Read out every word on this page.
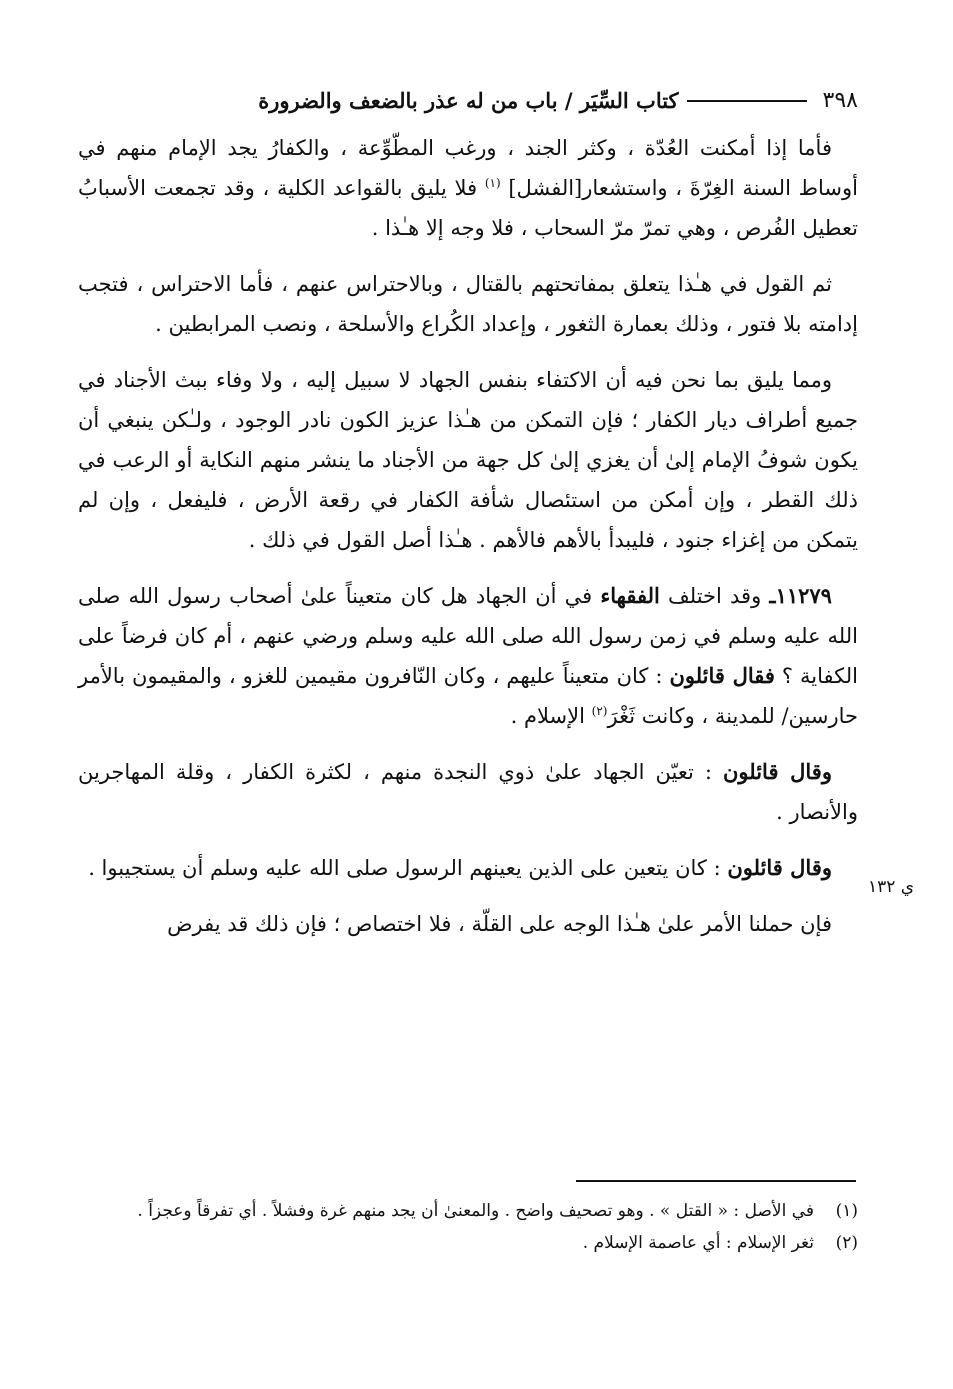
٣٩٨
كتاب السِّيَر / باب من له عذر بالضعف والضرورة

فأما إذا أمكنت العُدّة ، وكثر الجند ، ورغب المطّوِّعة ، والكفارُ يجد الإمام منهم في أوساط السنة الغِرّةَ ، واستشعار[الفشل] $^{(١)}$ فلا يليق بالقواعد الكلية ، وقد تجمعت الأسبابُ تعطيل الفُرص ، وهي تمرّ مرّ السحاب ، فلا وجه إلا هـٰذا .

ثم القول في هـٰذا يتعلق بمفاتحتهم بالقتال ، وبالاحتراس عنهم ، فأما الاحتراس ، فتجب إدامته بلا فتور ، وذلك بعمارة الثغور ، وإعداد الكُراع والأسلحة ، ونصب المرابطين .

ومما يليق بما نحن فيه أن الاكتفاء بنفس الجهاد لا سبيل إليه ، ولا وفاء ببث الأجناد في جميع أطراف ديار الكفار ؛ فإن التمكن من هـٰذا عزيز الكون نادر الوجود ، ولـٰكن ينبغي أن يكون شوفُ الإمام إلىٰ أن يغزي إلىٰ كل جهة من الأجناد ما ينشر منهم النكاية أو الرعب في ذلك القطر ، وإن أمكن من استئصال شأفة الكفار في رقعة الأرض ، فليفعل ، وإن لم يتمكن من إغزاء جنود ، فليبدأ بالأهم فالأهم . هـٰذا أصل القول في ذلك .

١١٢٧٩ـ وقد اختلف الفقهاء في أن الجهاد هل كان متعيناً علىٰ أصحاب رسول الله صلى الله عليه وسلم في زمن رسول الله صلى الله عليه وسلم ورضي عنهم ، أم كان فرضاً على الكفاية ؟ فقال قائلون : كان متعيناً عليهم ، وكان النّافرون مقيمين للغزو ، والمقيمون بالأمر حارسين/ للمدينة ، وكانت ثَغْرَ$^{(٢)}$ الإسلام .

وقال قائلون : تعيّن الجهاد علىٰ ذوي النجدة منهم ، لكثرة الكفار ، وقلة المهاجرين والأنصار .

وقال قائلون : كان يتعين على الذين يعينهم الرسول صلى الله عليه وسلم أن يستجيبوا .

فإن حملنا الأمر علىٰ هـٰذا الوجه على القلّة ، فلا اختصاص ؛ فإن ذلك قد يفرض

ي ١٣٢
(١)
في الأصل : « القتل » . وهو تصحيف واضح . والمعنىٰ أن يجد منهم غرة وفشلاً . أي تفرقاً وعجزاً .
(٢)
ثغر الإسلام : أي عاصمة الإسلام .
